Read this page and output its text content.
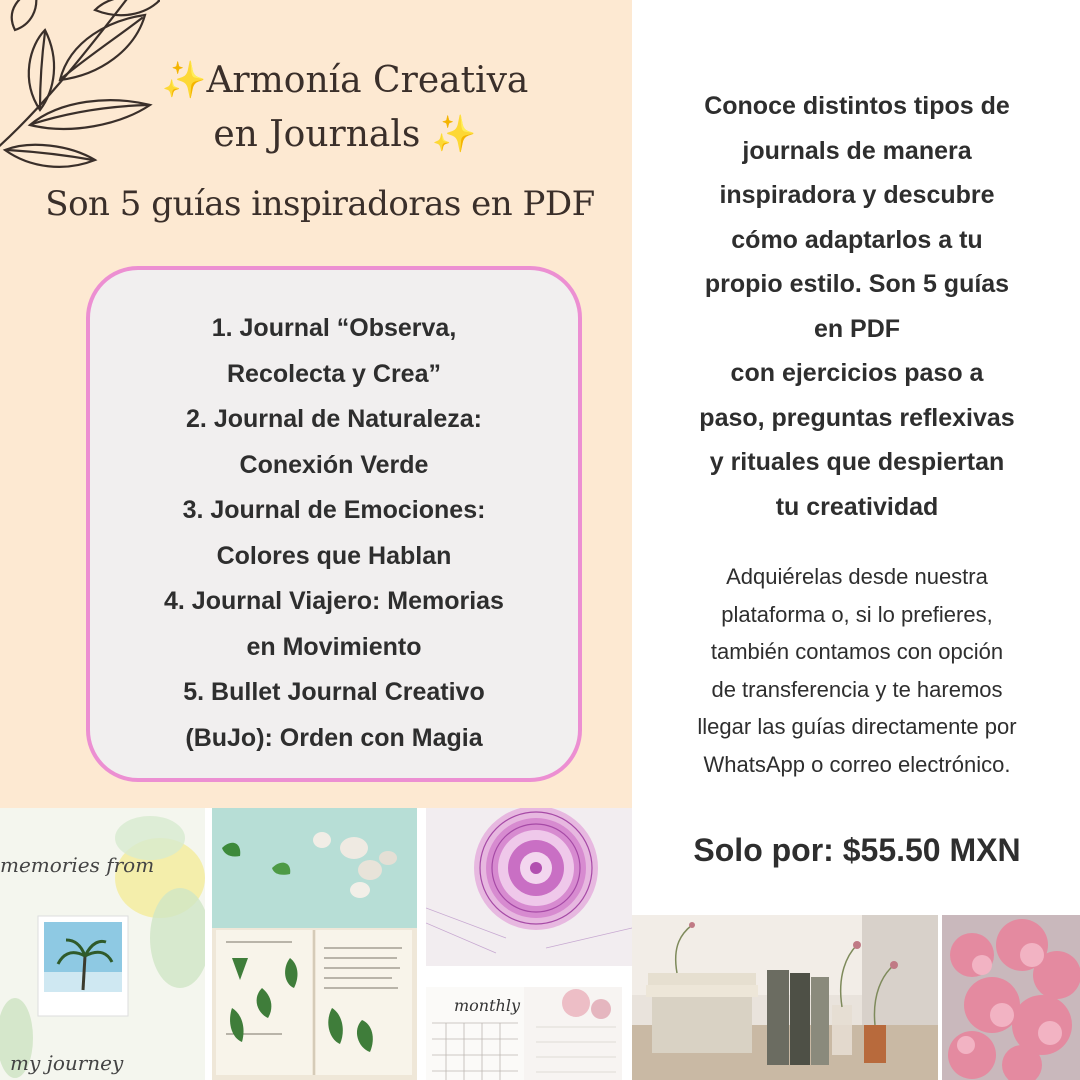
✨Armonía Creativa
en Journals ✨
Son 5 guías inspiradoras en PDF
1. Journal “Observa,
Recolecta y Crea”
2. Journal de Naturaleza:
Conexión Verde
3. Journal de Emociones:
Colores que Hablan
4. Journal Viajero: Memorias
en Movimiento
5. Bullet Journal Creativo
(BuJo): Orden con Magia
Conoce distintos tipos de
journals de manera
inspiradora y descubre
cómo adaptarlos a tu
propio estilo. Son 5 guías
en PDF
con ejercicios paso a
paso, preguntas reflexivas
y rituales que despiertan
tu creatividad
Adquiérelas desde nuestra
plataforma o, si lo prefieres,
también contamos con opción
de transferencia y te haremos
llegar las guías directamente por
WhatsApp o correo electrónico.
Solo por: $55.50 MXN
memories from
my journey
monthly
